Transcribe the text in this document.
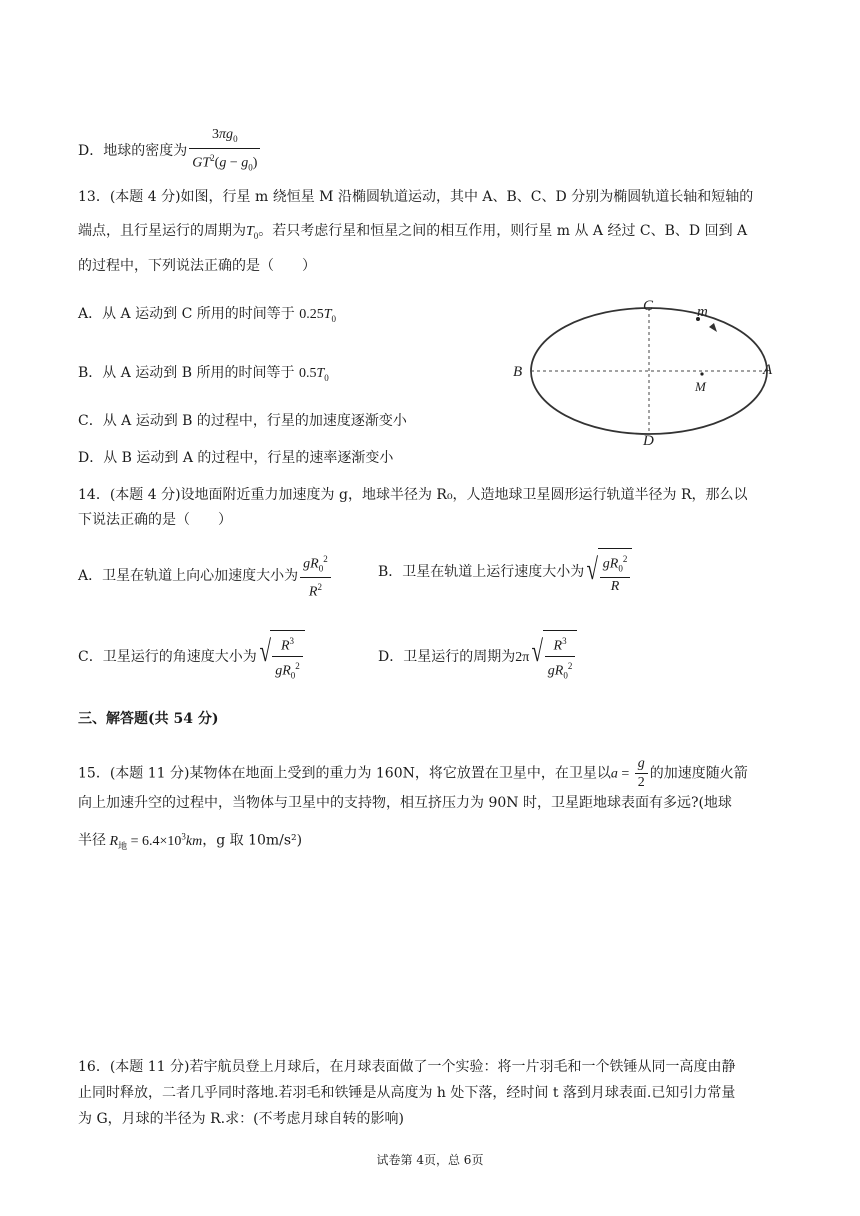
D．地球的密度为 $\frac{3\pi g_0}{GT^2(g - g_0)}$
13．(本题 4 分)如图，行星 m 绕恒星 M 沿椭圆轨道运动，其中 A、B、C、D 分别为椭圆轨道长轴和短轴的
端点，且行星运行的周期为$T_0$。若只考虑行星和恒星之间的相互作用，则行星 m 从 A 经过 C、B、D 回到 A
的过程中，下列说法正确的是（　　）
A．从 A 运动到 C 所用的时间等于 $0.25T_0$
B．从 A 运动到 B 所用的时间等于 $0.5T_0$
C．从 A 运动到 B 的过程中，行星的加速度逐渐变小
D．从 B 运动到 A 的过程中，行星的速率逐渐变小
C
B	A
D
m
M
14．(本题 4 分)设地面附近重力加速度为 g，地球半径为 R₀，人造地球卫星圆形运行轨道半径为 R，那么以
下说法正确的是（　　）
A．卫星在轨道上向心加速度大小为 $\frac{gR_0^2}{R^2}$	B．卫星在轨道上运行速度大小为 √ $\frac{gR_0^2}{R}$
C．卫星运行的角速度大小为 √ $\frac{R^3}{gR_0^2}$	D．卫星运行的周期为2π √ $\frac{R^3}{gR_0^2}$
三、解答题(共 54 分)
15．(本题 11 分)某物体在地面上受到的重力为 160N，将它放置在卫星中，在卫星以$a = \frac{g}{2}$ 的加速度随火箭
向上加速升空的过程中，当物体与卫星中的支持物，相互挤压力为 90N 时，卫星距地球表面有多远?(地球
半径 $R_地 = 6.4\times 10^3km$，g 取 10m/s²)
16．(本题 11 分)若宇航员登上月球后，在月球表面做了一个实验：将一片羽毛和一个铁锤从同一高度由静
止同时释放，二者几乎同时落地.若羽毛和铁锤是从高度为 h 处下落，经时间 t 落到月球表面.已知引力常量
为 G，月球的半径为 R.求：(不考虑月球自转的影响)
试卷第 4页，总 6页
